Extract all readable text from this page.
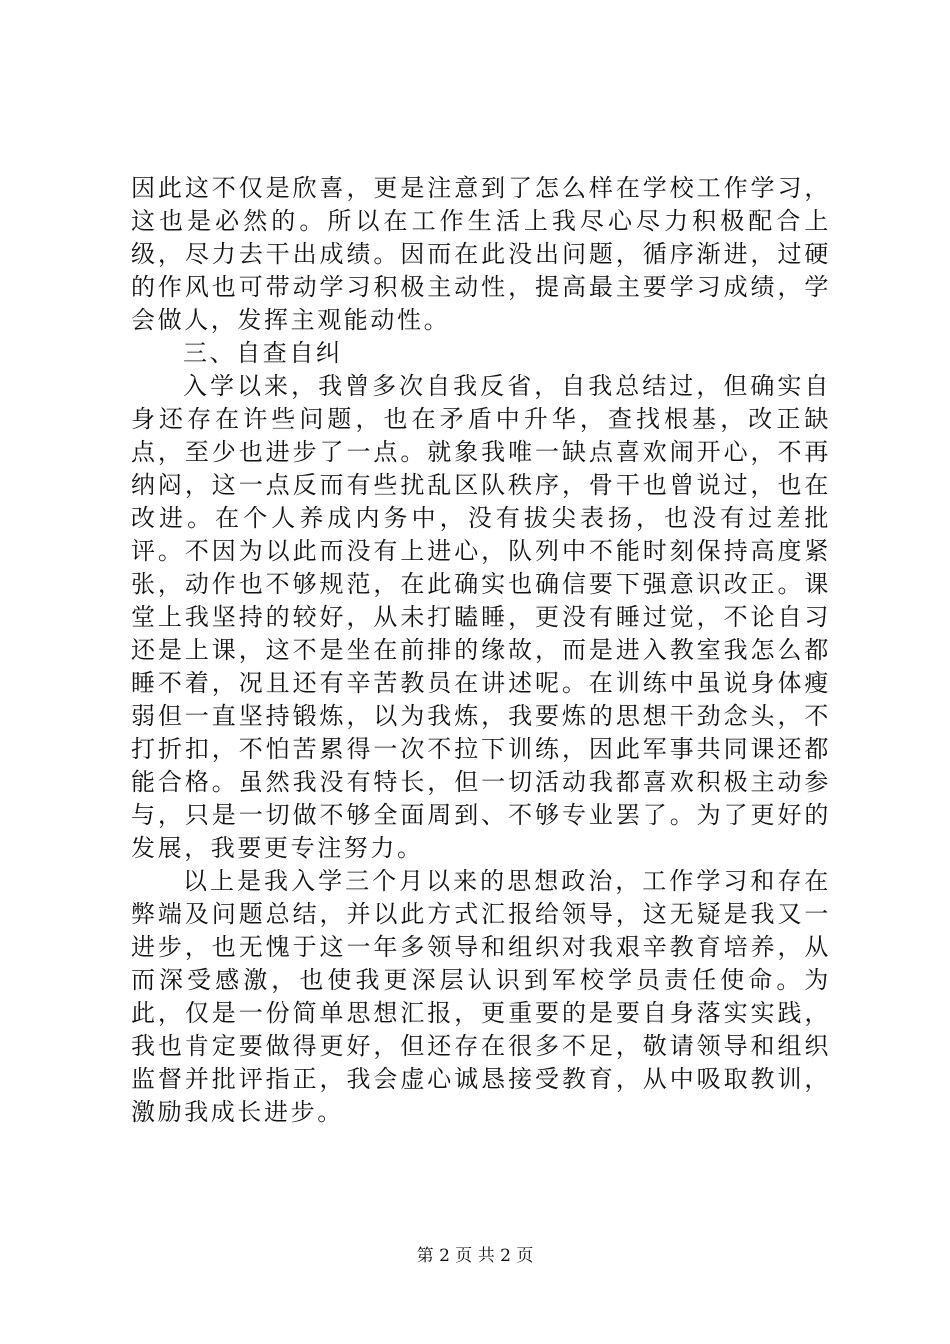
因此这不仅是欣喜，更是注意到了怎么样在学校工作学习，这也是必然的。所以在工作生活上我尽心尽力积极配合上级，尽力去干出成绩。因而在此没出问题，循序渐进，过硬的作风也可带动学习积极主动性，提高最主要学习成绩，学会做人，发挥主观能动性。

三、自查自纠

入学以来，我曾多次自我反省，自我总结过，但确实自身还存在许些问题，也在矛盾中升华，查找根基，改正缺点，至少也进步了一点。就象我唯一缺点喜欢闹开心，不再纳闷，这一点反而有些扰乱区队秩序，骨干也曾说过，也在改进。在个人养成内务中，没有拔尖表扬，也没有过差批评。不因为以此而没有上进心，队列中不能时刻保持高度紧张，动作也不够规范，在此确实也确信要下强意识改正。课堂上我坚持的较好，从未打瞌睡，更没有睡过觉，不论自习还是上课，这不是坐在前排的缘故，而是进入教室我怎么都睡不着，况且还有辛苦教员在讲述呢。在训练中虽说身体瘦弱但一直坚持锻炼，以为我炼，我要炼的思想干劲念头，不打折扣，不怕苦累得一次不拉下训练，因此军事共同课还都能合格。虽然我没有特长，但一切活动我都喜欢积极主动参与，只是一切做不够全面周到、不够专业罢了。为了更好的发展，我要更专注努力。

以上是我入学三个月以来的思想政治，工作学习和存在弊端及问题总结，并以此方式汇报给领导，这无疑是我又一进步，也无愧于这一年多领导和组织对我艰辛教育培养，从而深受感激，也使我更深层认识到军校学员责任使命。为此，仅是一份简单思想汇报，更重要的是要自身落实实践，我也肯定要做得更好，但还存在很多不足，敬请领导和组织监督并批评指正，我会虚心诚恳接受教育，从中吸取教训，激励我成长进步。

第 2 页 共 2 页
